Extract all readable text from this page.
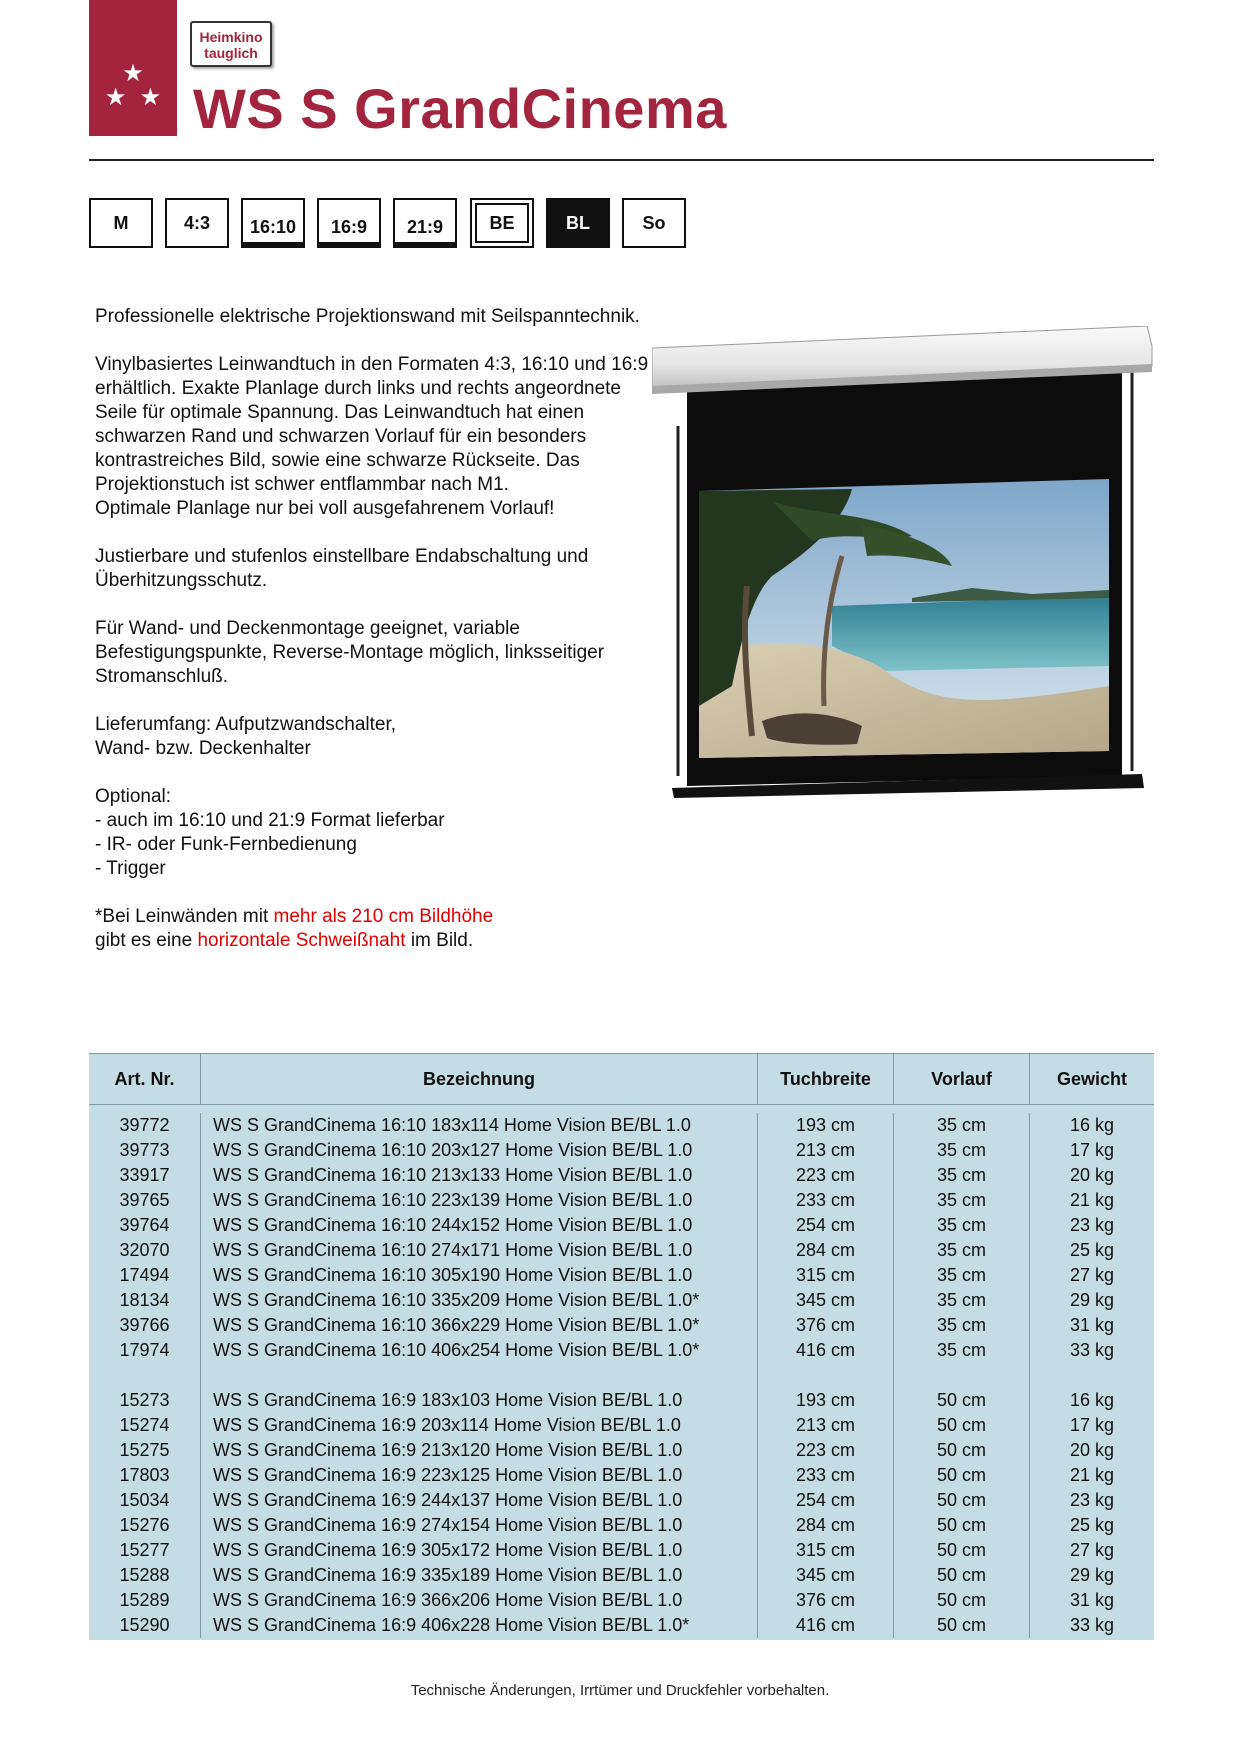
★
★  ★
Heimkino
tauglich
WS S GrandCinema
M	4:3 16:10 16:9 21:9	BE	BL	So

Professionelle elektrische Projektionswand mit Seilspanntechnik.

Vinylbasiertes Leinwandtuch in den Formaten 4:3, 16:10 und 16:9 erhältlich. Exakte Planlage durch links und rechts angeordnete Seile für optimale Spannung. Das Leinwandtuch hat einen schwarzen Rand und schwarzen Vorlauf für ein besonders kontrastreiches Bild, sowie eine schwarze Rückseite. Das
Projektionstuch ist schwer entflammbar nach M1.
Optimale Planlage nur bei voll ausgefahrenem Vorlauf!

Justierbare und stufenlos einstellbare Endabschaltung und Überhitzungsschutz.

Für Wand- und Deckenmontage geeignet, variable Befestigungspunkte, Reverse-Montage möglich, linksseitiger Stromanschluß.

Lieferumfang: Aufputzwandschalter,
Wand- bzw. Deckenhalter

Optional:
- auch im 16:10 und 21:9 Format lieferbar
- IR- oder Funk-Fernbedienung
- Trigger

*Bei Leinwänden mit mehr als 210 cm Bildhöhe
gibt es eine horizontale Schweißnaht im Bild.

Art. Nr.	Bezeichnung	Tuchbreite	Vorlauf	Gewicht
39772	WS S GrandCinema 16:10 183x114 Home Vision BE/BL 1.0	193 cm	35 cm	16 kg
39773	WS S GrandCinema 16:10 203x127 Home Vision BE/BL 1.0	213 cm	35 cm	17 kg
33917	WS S GrandCinema 16:10 213x133 Home Vision BE/BL 1.0	223 cm	35 cm	20 kg
39765	WS S GrandCinema 16:10 223x139 Home Vision BE/BL 1.0	233 cm	35 cm	21 kg
39764	WS S GrandCinema 16:10 244x152 Home Vision BE/BL 1.0	254 cm	35 cm	23 kg
32070	WS S GrandCinema 16:10 274x171 Home Vision BE/BL 1.0	284 cm	35 cm	25 kg
17494	WS S GrandCinema 16:10 305x190 Home Vision BE/BL 1.0	315 cm	35 cm	27 kg
18134	WS S GrandCinema 16:10 335x209 Home Vision BE/BL 1.0*	345 cm	35 cm	29 kg
39766	WS S GrandCinema 16:10 366x229 Home Vision BE/BL 1.0*	376 cm	35 cm	31 kg
17974	WS S GrandCinema 16:10 406x254 Home Vision BE/BL 1.0*	416 cm	35 cm	33 kg
15273	WS S GrandCinema 16:9 183x103 Home Vision BE/BL 1.0	193 cm	50 cm	16 kg
15274	WS S GrandCinema 16:9 203x114 Home Vision BE/BL 1.0	213 cm	50 cm	17 kg
15275	WS S GrandCinema 16:9 213x120 Home Vision BE/BL 1.0	223 cm	50 cm	20 kg
17803	WS S GrandCinema 16:9 223x125 Home Vision BE/BL 1.0	233 cm	50 cm	21 kg
15034	WS S GrandCinema 16:9 244x137 Home Vision BE/BL 1.0	254 cm	50 cm	23 kg
15276	WS S GrandCinema 16:9 274x154 Home Vision BE/BL 1.0	284 cm	50 cm	25 kg
15277	WS S GrandCinema 16:9 305x172 Home Vision BE/BL 1.0	315 cm	50 cm	27 kg
15288	WS S GrandCinema 16:9 335x189 Home Vision BE/BL 1.0	345 cm	50 cm	29 kg
15289	WS S GrandCinema 16:9 366x206 Home Vision BE/BL 1.0	376 cm	50 cm	31 kg
15290	WS S GrandCinema 16:9 406x228 Home Vision BE/BL 1.0*	416 cm	50 cm	33 kg
Technische Änderungen, Irrtümer und Druckfehler vorbehalten.
